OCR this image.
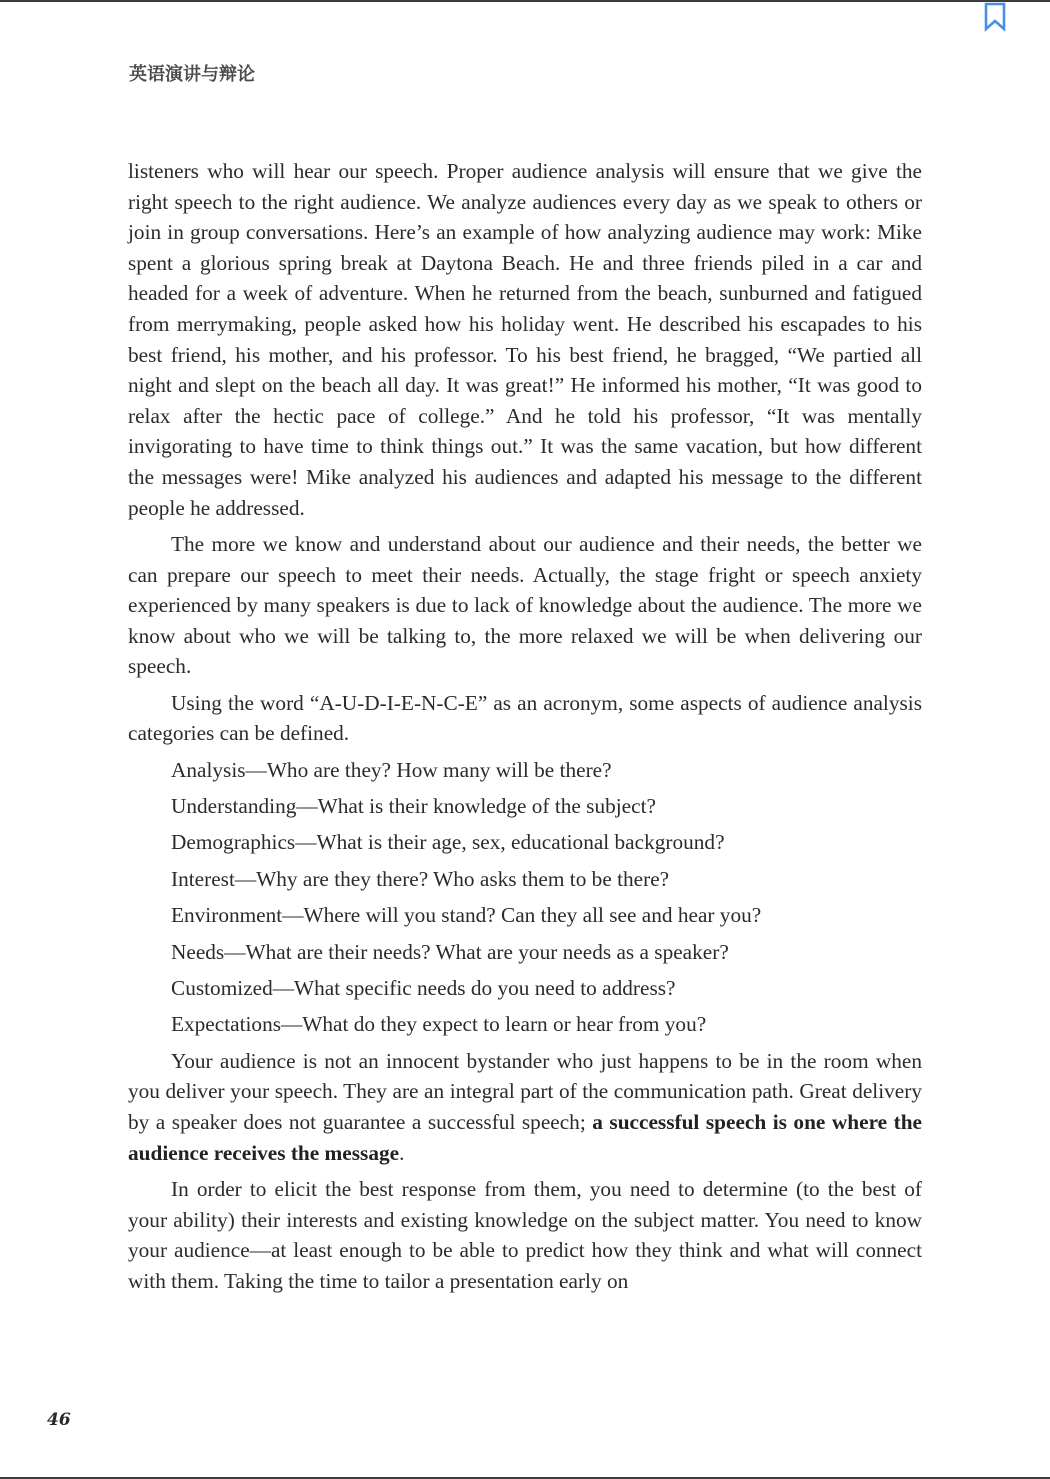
英语演讲与辩论

listeners who will hear our speech. Proper audience analysis will ensure that we give the right speech to the right audience. We analyze audiences every day as we speak to others or join in group conversations. Here’s an example of how analyzing audience may work: Mike spent a glorious spring break at Daytona Beach. He and three friends piled in a car and headed for a week of adventure. When he returned from the beach, sunburned and fatigued from merrymaking, people asked how his holiday went. He described his escapades to his best friend, his mother, and his professor. To his best friend, he bragged, “We partied all night and slept on the beach all day. It was great!” He informed his mother, “It was good to relax after the hectic pace of college.” And he told his professor, “It was mentally invigorating to have time to think things out.” It was the same vacation, but how different the messages were! Mike analyzed his audiences and adapted his message to the different people he addressed.

The more we know and understand about our audience and their needs, the better we can prepare our speech to meet their needs. Actually, the stage fright or speech anxiety experienced by many speakers is due to lack of knowledge about the audience. The more we know about who we will be talking to, the more relaxed we will be when delivering our speech.

Using the word “A-U-D-I-E-N-C-E” as an acronym, some aspects of audience analysis categories can be defined.

Analysis—Who are they? How many will be there?

Understanding—What is their knowledge of the subject?

Demographics—What is their age, sex, educational background?

Interest—Why are they there? Who asks them to be there?

Environment—Where will you stand? Can they all see and hear you?

Needs—What are their needs? What are your needs as a speaker?

Customized—What specific needs do you need to address?

Expectations—What do they expect to learn or hear from you?

Your audience is not an innocent bystander who just happens to be in the room when you deliver your speech. They are an integral part of the communication path. Great delivery by a speaker does not guarantee a successful speech; a successful speech is one where the audience receives the message.

In order to elicit the best response from them, you need to determine (to the best of your ability) their interests and existing knowledge on the subject matter. You need to know your audience—at least enough to be able to predict how they think and what will connect with them. Taking the time to tailor a presentation early on

46
